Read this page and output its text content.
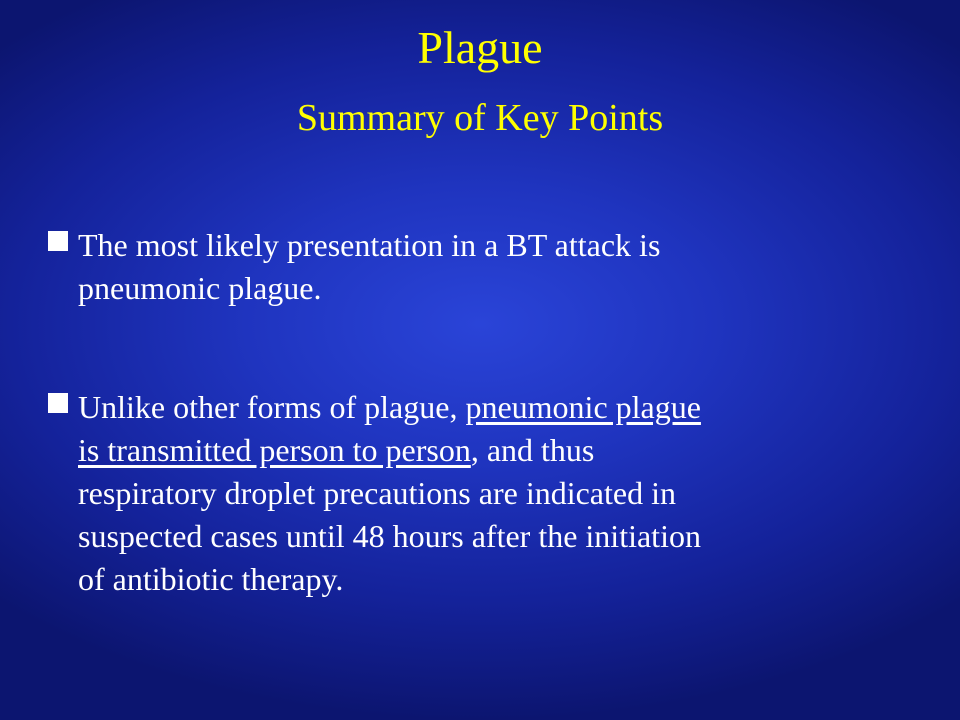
Plague
Summary of Key Points
The most likely presentation in a BT attack is
pneumonic plague.
Unlike other forms of plague, pneumonic plague
is transmitted person to person, and thus
respiratory droplet precautions are indicated in
suspected cases until 48 hours after the initiation
of antibiotic therapy.
